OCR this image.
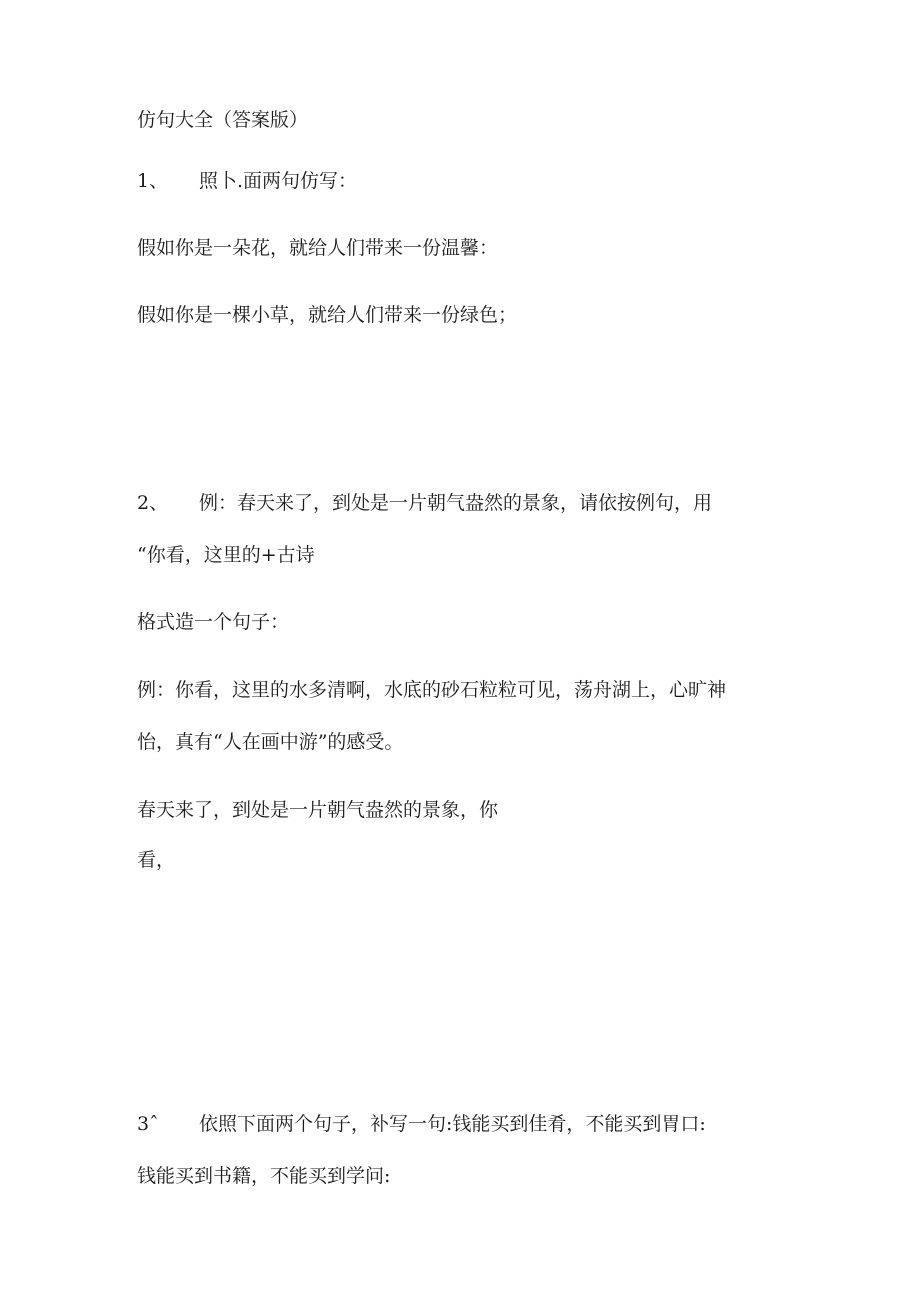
仿句大全（答案版）
1、 照卜.面两句仿写：
假如你是一朵花，就给人们带来一份温馨：
假如你是一棵小草，就给人们带来一份绿色；
2、 例：春天来了，到处是一片朝气盎然的景象，请依按例句，用
“你看，这里的+古诗
格式造一个句子：
例：你看，这里的水多清啊，水底的砂石粒粒可见，荡舟湖上，心旷神
怡，真有“人在画中游”的感受。
春天来了，到处是一片朝气盎然的景象，你
看，
3ˆ 依照下面两个句子，补写一句:钱能买到佳肴，不能买到胃口:
钱能买到书籍，不能买到学问:
